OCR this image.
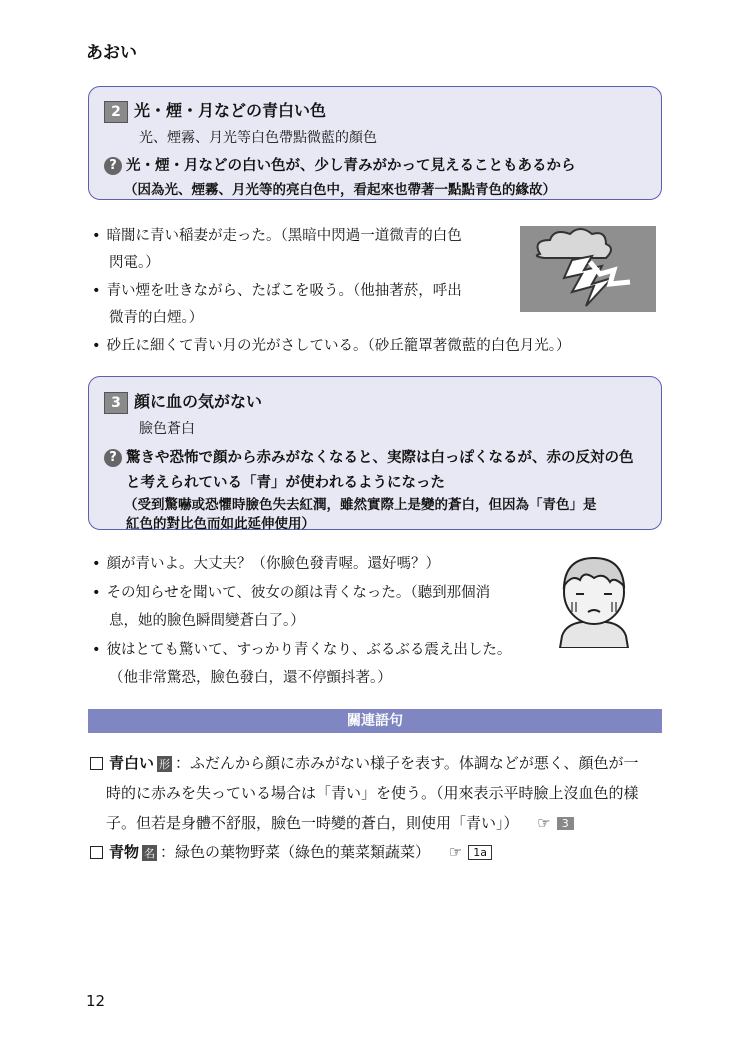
あおい
2 光・煙・月などの青白い色
光、煙霧、月光等白色帶點微藍的顏色
? 光・煙・月などの白い色が、少し青みがかって見えることもあるから
（因為光、煙霧、月光等的亮白色中，看起來也帶著一點點青色的緣故）
• 暗闇に青い稲妻が走った。（黑暗中閃過一道微青的白色
閃電。）
• 青い煙を吐きながら、たばこを吸う。（他抽著菸，呼出
微青的白煙。）
• 砂丘に細くて青い月の光がさしている。（砂丘籠罩著微藍的白色月光。）
3 顔に血の気がない
臉色蒼白
? 驚きや恐怖で顔から赤みがなくなると、実際は白っぽくなるが、赤の反対の色
と考えられている「青」が使われるようになった
（受到驚嚇或恐懼時臉色失去紅潤，雖然實際上是變的蒼白，但因為「青色」是
紅色的對比色而如此延伸使用）
• 顔が青いよ。大丈夫？（你臉色發青喔。還好嗎？）
• その知らせを聞いて、彼女の顔は青くなった。（聽到那個消
息，她的臉色瞬間變蒼白了。）
• 彼はとても驚いて、すっかり青くなり、ぶるぶる震え出した。
（他非常驚恐，臉色發白，還不停顫抖著。）
關連語句
青白い 形 ：ふだんから顔に赤みがない様子を表す。体調などが悪く、顔色が一
時的に赤みを失っている場合は「青い」を使う。（用來表示平時臉上沒血色的樣
子。但若是身體不舒服，臉色一時變的蒼白，則使用「青い」） ☞ 3
青物 名 ：緑色の葉物野菜（綠色的葉菜類蔬菜） ☞ 1a
12
